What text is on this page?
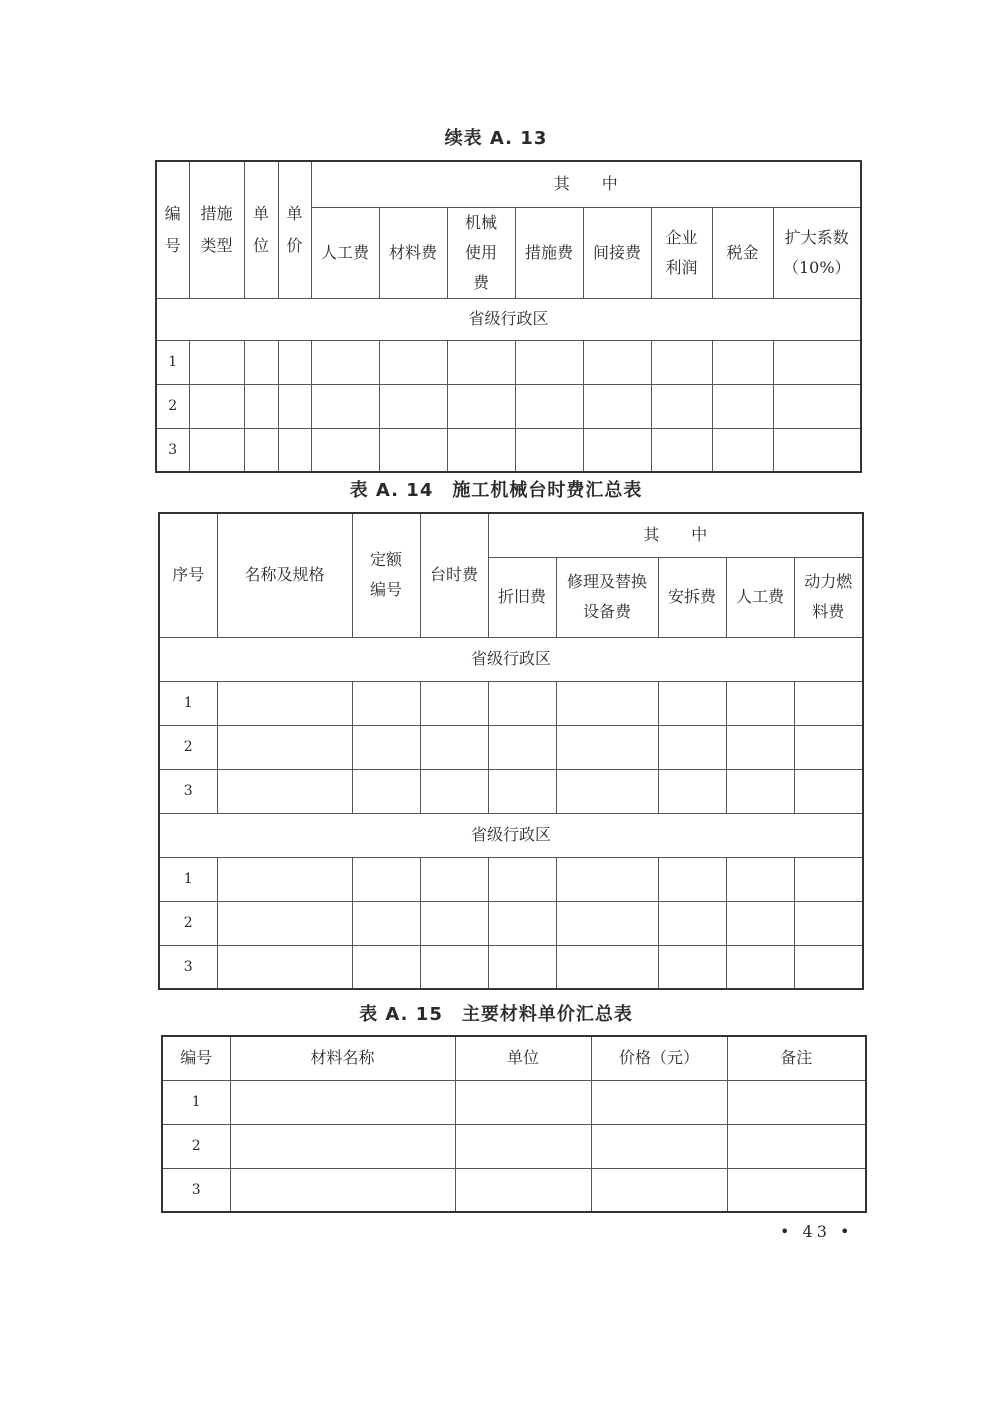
续表 A. 13
编号	措施类型	单位	单价	其　　中							
				人工费	材料费	机械使用费	措施费	间接费	企业利润	税金	扩大系数（10%）
省级行政区											
1											
2											
3											
表 A. 14　施工机械台时费汇总表
序号	名称及规格	定额编号	台时费	其　　中				
				折旧费	修理及替换设备费	安拆费	人工费	动力燃料费
省级行政区								
1								
2								
3								
省级行政区								
1								
2								
3								
表 A. 15　主要材料单价汇总表
编号	材料名称	单位	价格（元）	备注
1				
2				
3				
• 43 •
